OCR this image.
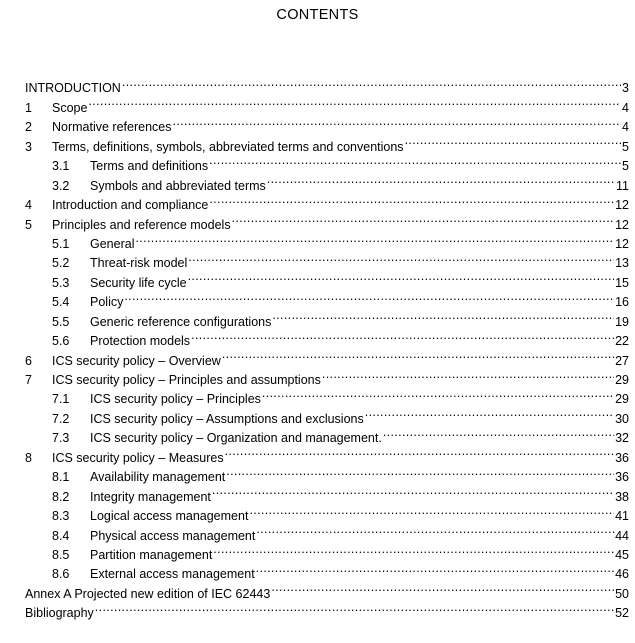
CONTENTS
INTRODUCTION .....	3
1	Scope .....	4
2	Normative references .....	4
3	Terms, definitions, symbols, abbreviated terms and conventions .....	5
3.1	Terms and definitions .....	5
3.2	Symbols and abbreviated terms .....	11
4	Introduction and compliance .....	12
5	Principles and reference models .....	12
5.1	General .....	12
5.2	Threat-risk model .....	13
5.3	Security life cycle .....	15
5.4	Policy .....	16
5.5	Generic reference configurations .....	19
5.6	Protection models .....	22
6	ICS security policy – Overview .....	27
7	ICS security policy – Principles and assumptions .....	29
7.1	ICS security policy – Principles .....	29
7.2	ICS security policy – Assumptions and exclusions .....	30
7.3	ICS security policy – Organization and management. .....	32
8	ICS security policy – Measures .....	36
8.1	Availability management .....	36
8.2	Integrity management .....	38
8.3	Logical access management .....	41
8.4	Physical access management .....	44
8.5	Partition management .....	45
8.6	External access management .....	46
Annex A Projected new edition of IEC 62443 .....	50
Bibliography .....	52
